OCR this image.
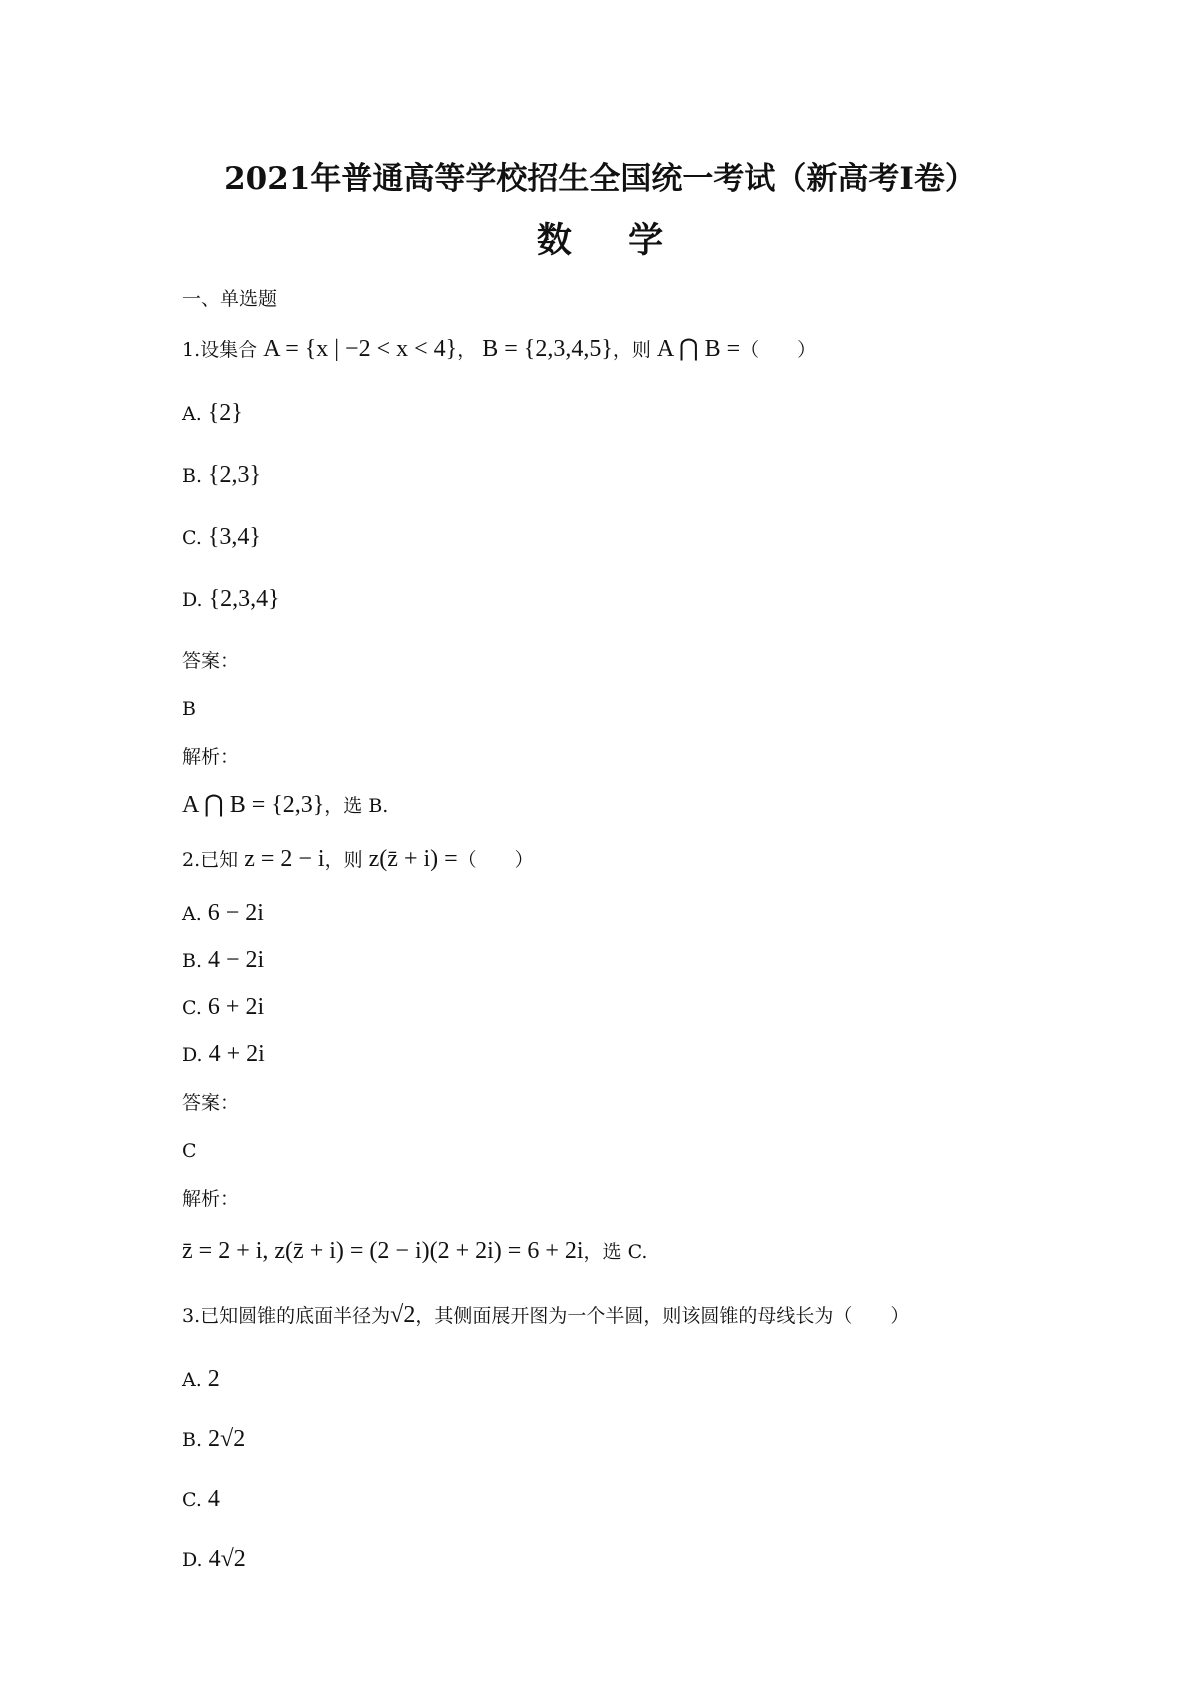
2021年普通高等学校招生全国统一考试（新高考Ⅰ卷）
数 学
一、单选题
1.设集合 A = {x | −2 < x < 4}， B = {2,3,4,5}，则 A ⋂ B =（　　）
A. {2}
B. {2,3}
C. {3,4}
D. {2,3,4}
答案：
B
解析：
A ⋂ B = {2,3}，选 B.
2.已知 z = 2 − i，则 z(z̄ + i) =（　　）
A. 6 − 2i
B. 4 − 2i
C. 6 + 2i
D. 4 + 2i
答案：
C
解析：
z̄ = 2 + i, z(z̄ + i) = (2 − i)(2 + 2i) = 6 + 2i，选 C.
3.已知圆锥的底面半径为√2，其侧面展开图为一个半圆，则该圆锥的母线长为（　　）
A. 2
B. 2√2
C. 4
D. 4√2
